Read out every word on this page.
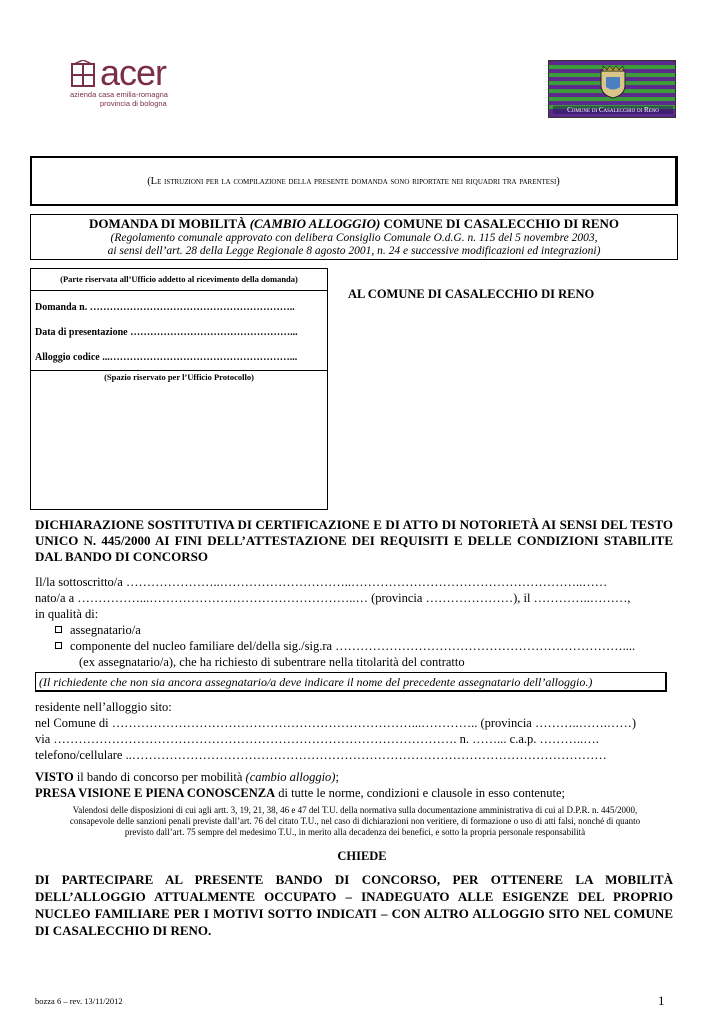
acer
azienda casa emilia-romagna
provincia di bologna
Comune di Casalecchio di Reno
(Le istruzioni per la compilazione della presente domanda sono riportate nei riquadri tra parentesi)
DOMANDA DI MOBILITÀ (CAMBIO ALLOGGIO) COMUNE DI CASALECCHIO DI RENO
(Regolamento comunale approvato con delibera Consiglio Comunale O.d.G. n. 115 del 5 novembre 2003,
ai sensi dell’art. 28 della Legge Regionale 8 agosto 2001, n. 24 e successive modificazioni ed integrazioni)
(Parte riservata all’Ufficio addetto al ricevimento della domanda)
Domanda n. ……………………………………………………..
Data di presentazione …………………………………………...
Alloggio codice ...………………………………………………...
(Spazio riservato per l’Ufficio Protocollo)
AL COMUNE DI CASALECCHIO DI RENO
DICHIARAZIONE SOSTITUTIVA DI CERTIFICAZIONE E DI ATTO DI NOTORIETÀ AI SENSI DEL TESTO UNICO N. 445/2000 AI FINI DELL’ATTESTAZIONE DEI REQUISITI E DELLE CONDIZIONI STABILITE DAL BANDO DI CONCORSO
Il/la sottoscritto/a …………………..…………………………..………………………………………………..……
nato/a a ……………...…………………………………………..… (provincia …………………), il …………..………,
in qualità di:
assegnatario/a
componente del nucleo familiare del/della sig./sig.ra ……………………………………………………………....
(ex assegnatario/a), che ha richiesto di subentrare nella titolarità del contratto
(Il richiedente che non sia ancora assegnatario/a deve indicare il nome del precedente assegnatario dell’alloggio.)
residente nell’alloggio sito:
nel Comune di ………………………………………………………………...………….. (provincia ………..…….……)
via ……………………………………………………………………………………. n. ……... c.a.p. ………..….
telefono/cellulare ..……………………………………………………………………………………………………
VISTO il bando di concorso per mobilità (cambio alloggio);
PRESA VISIONE E PIENA CONOSCENZA di tutte le norme, condizioni e clausole in esso contenute;
Valendosi delle disposizioni di cui agli artt. 3, 19, 21, 38, 46 e 47 del T.U. della normativa sulla documentazione amministrativa di cui al D.P.R. n. 445/2000,
consapevole delle sanzioni penali previste dall’art. 76 del citato T.U., nel caso di dichiarazioni non veritiere, di formazione o uso di atti falsi, nonché di quanto
previsto dall’art. 75 sempre del medesimo T.U., in merito alla decadenza dei benefici, e sotto la propria personale responsabilità
CHIEDE
DI PARTECIPARE AL PRESENTE BANDO DI CONCORSO, PER OTTENERE LA MOBILITÀ DELL’ALLOGGIO ATTUALMENTE OCCUPATO – INADEGUATO ALLE ESIGENZE DEL PROPRIO NUCLEO FAMILIARE PER I MOTIVI SOTTO INDICATI – CON ALTRO ALLOGGIO SITO NEL COMUNE DI CASALECCHIO DI RENO.
bozza 6 – rev. 13/11/2012	1
